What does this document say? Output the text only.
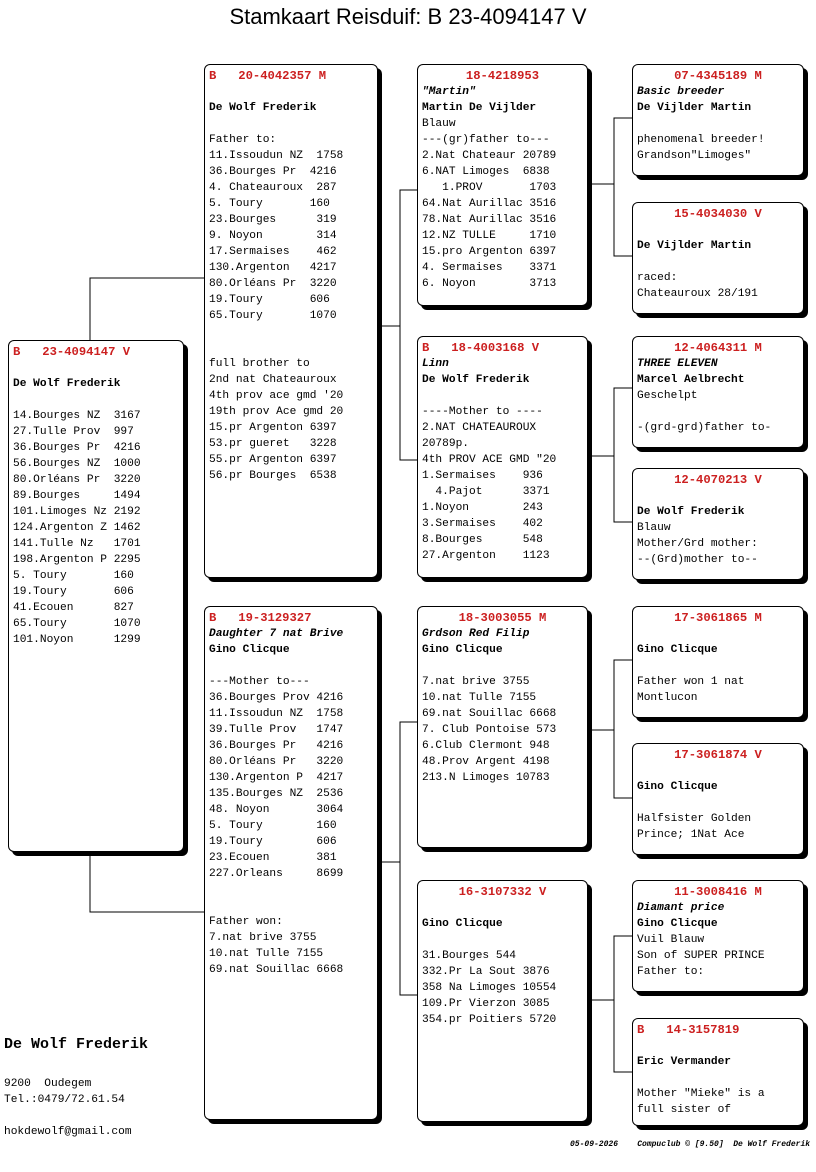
Stamkaart Reisduif: B 23-4094147 V
B   23-4094147 V
De Wolf Frederik
14.Bourges NZ  3167
27.Tulle Prov  997
36.Bourges Pr  4216
56.Bourges NZ  1000
80.Orléans Pr  3220
89.Bourges     1494
101.Limoges Nz 2192
124.Argenton Z 1462
141.Tulle Nz   1701
198.Argenton P 2295
5. Toury       160
19.Toury       606
41.Ecouen      827
65.Toury       1070
101.Noyon      1299
B   20-4042357 M
De Wolf Frederik
Father to:
11.Issoudun NZ  1758
36.Bourges Pr  4216
4. Chateauroux  287
5. Toury       160
23.Bourges      319
9. Noyon        314
17.Sermaises    462
130.Argenton   4217
80.Orléans Pr  3220
19.Toury       606
65.Toury       1070
full brother to
2nd nat Chateauroux
4th prov ace gmd '20
19th prov Ace gmd 20
15.pr Argenton 6397
53.pr gueret   3228
55.pr Argenton 6397
56.pr Bourges  6538
B   19-3129327
Daughter 7 nat Brive
Gino Clicque
---Mother to---
36.Bourges Prov 4216
11.Issoudun NZ  1758
39.Tulle Prov   1747
36.Bourges Pr   4216
80.Orléans Pr   3220
130.Argenton P  4217
135.Bourges NZ  2536
48. Noyon       3064
5. Toury        160
19.Toury        606
23.Ecouen       381
227.Orleans     8699
Father won:
7.nat brive 3755
10.nat Tulle 7155
69.nat Souillac 6668
18-4218953
"Martin"
Martin De Vijlder
Blauw
---(gr)father to---
2.Nat Chateaur 20789
6.NAT Limoges  6838
1.PROV       1703
64.Nat Aurillac 3516
78.Nat Aurillac 3516
12.NZ TULLE     1710
15.pro Argenton 6397
4. Sermaises    3371
6. Noyon        3713
B   18-4003168 V
Linn
De Wolf Frederik
----Mother to ----
2.NAT CHATEAUROUX
20789p.
4th PROV ACE GMD "20
1.Sermaises    936
4.Pajot      3371
1.Noyon        243
3.Sermaises    402
8.Bourges      548
27.Argenton    1123
18-3003055 M
Grdson Red Filip
Gino Clicque
7.nat brive 3755
10.nat Tulle 7155
69.nat Souillac 6668
7. Club Pontoise 573
6.Club Clermont 948
48.Prov Argent 4198
213.N Limoges 10783
16-3107332 V
Gino Clicque
31.Bourges 544
332.Pr La Sout 3876
358 Na Limoges 10554
109.Pr Vierzon 3085
354.pr Poitiers 5720
07-4345189 M
Basic breeder
De Vijlder Martin
phenomenal breeder!
Grandson"Limoges"
15-4034030 V
De Vijlder Martin
raced:
Chateauroux 28/191
12-4064311 M
THREE ELEVEN
Marcel Aelbrecht
Geschelpt
-(grd-grd)father to-
12-4070213 V
De Wolf Frederik
Blauw
Mother/Grd mother:
--(Grd)mother to--
17-3061865 M
Gino Clicque
Father won 1 nat
Montlucon
17-3061874 V
Gino Clicque
Halfsister Golden
Prince; 1Nat Ace
11-3008416 M
Diamant price
Gino Clicque
Vuil Blauw
Son of SUPER PRINCE
Father to:
B   14-3157819
Eric Vermander
Mother "Mieke" is a
full sister of
De Wolf Frederik
9200  Oudegem
Tel.:0479/72.61.54
hokdewolf@gmail.com
05-09-2026    Compuclub © [9.50]  De Wolf Frederik
